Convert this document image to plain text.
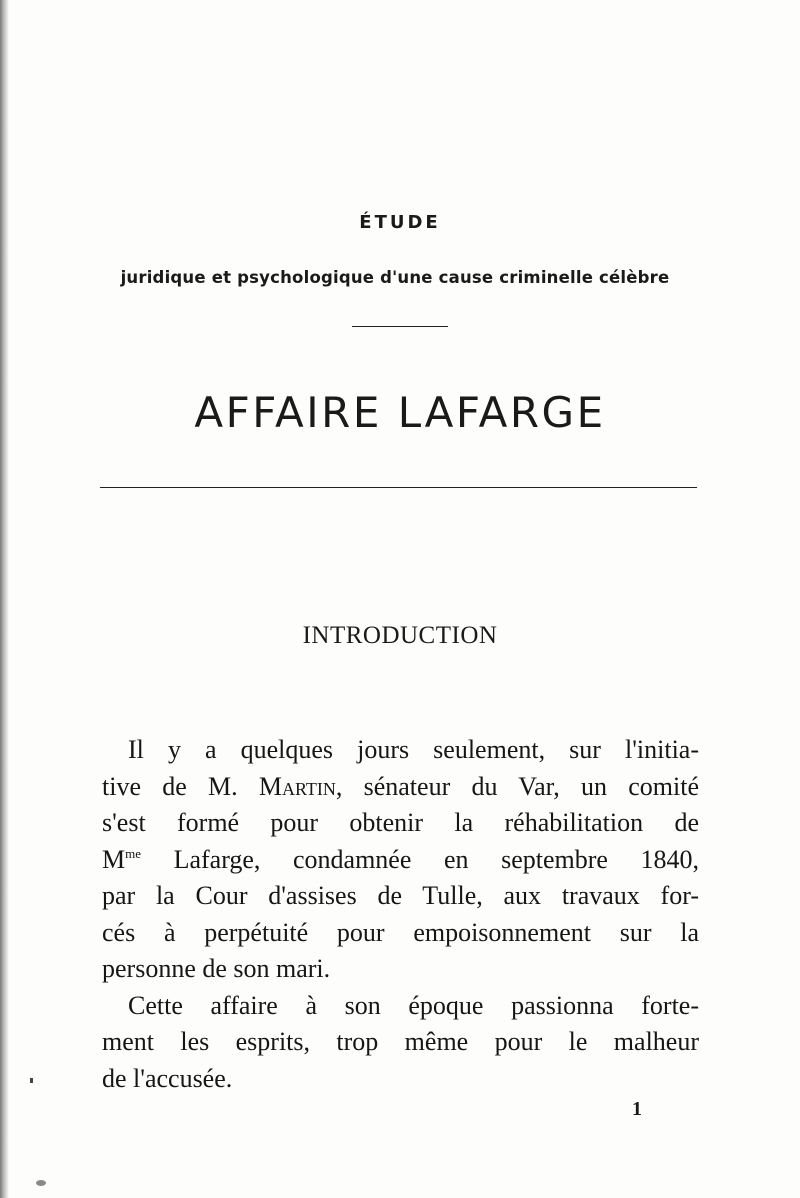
ÉTUDE
juridique et psychologique d'une cause criminelle célèbre
AFFAIRE LAFARGE
INTRODUCTION
Il y a quelques jours seulement, sur l'initia-
tive de M. Martin, sénateur du Var, un comité
s'est formé pour obtenir la réhabilitation de
$M^{me}$ Lafarge, condamnée en septembre 1840,
par la Cour d'assises de Tulle, aux travaux for-
cés à perpétuité pour empoisonnement sur la
personne de son mari.
Cette affaire à son époque passionna forte-
ment les esprits, trop même pour le malheur
de l'accusée.
1
